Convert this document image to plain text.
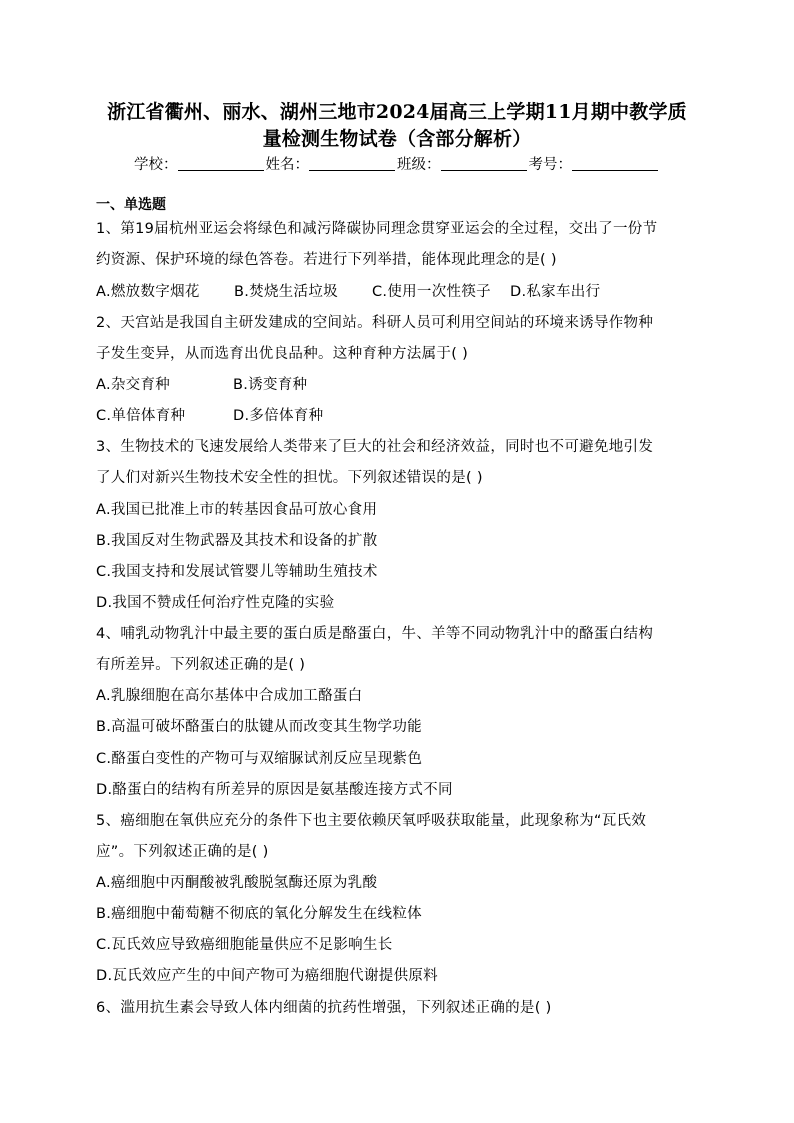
浙江省衢州、丽水、湖州三地市2024届高三上学期11月期中教学质
量检测生物试卷（含部分解析）
学校：	姓名：	班级：	考号：
一、单选题
1、第19届杭州亚运会将绿色和减污降碳协同理念贯穿亚运会的全过程，交出了一份节
约资源、保护环境的绿色答卷。若进行下列举措，能体现此理念的是( )
A.燃放数字烟花 B.焚烧生活垃圾 C.使用一次性筷子 D.私家车出行
2、天宫站是我国自主研发建成的空间站。科研人员可利用空间站的环境来诱导作物种
子发生变异，从而选育出优良品种。这种育种方法属于( )
A.杂交育种	B.诱变育种
C.单倍体育种	D.多倍体育种
3、生物技术的飞速发展给人类带来了巨大的社会和经济效益，同时也不可避免地引发
了人们对新兴生物技术安全性的担忧。下列叙述错误的是( )
A.我国已批准上市的转基因食品可放心食用
B.我国反对生物武器及其技术和设备的扩散
C.我国支持和发展试管婴儿等辅助生殖技术
D.我国不赞成任何治疗性克隆的实验
4、哺乳动物乳汁中最主要的蛋白质是酪蛋白，牛、羊等不同动物乳汁中的酪蛋白结构
有所差异。下列叙述正确的是( )
A.乳腺细胞在高尔基体中合成加工酪蛋白
B.高温可破坏酪蛋白的肽键从而改变其生物学功能
C.酪蛋白变性的产物可与双缩脲试剂反应呈现紫色
D.酪蛋白的结构有所差异的原因是氨基酸连接方式不同
5、癌细胞在氧供应充分的条件下也主要依赖厌氧呼吸获取能量，此现象称为“瓦氏效
应”。下列叙述正确的是( )
A.癌细胞中丙酮酸被乳酸脱氢酶还原为乳酸
B.癌细胞中葡萄糖不彻底的氧化分解发生在线粒体
C.瓦氏效应导致癌细胞能量供应不足影响生长
D.瓦氏效应产生的中间产物可为癌细胞代谢提供原料
6、滥用抗生素会导致人体内细菌的抗药性增强，下列叙述正确的是( )
